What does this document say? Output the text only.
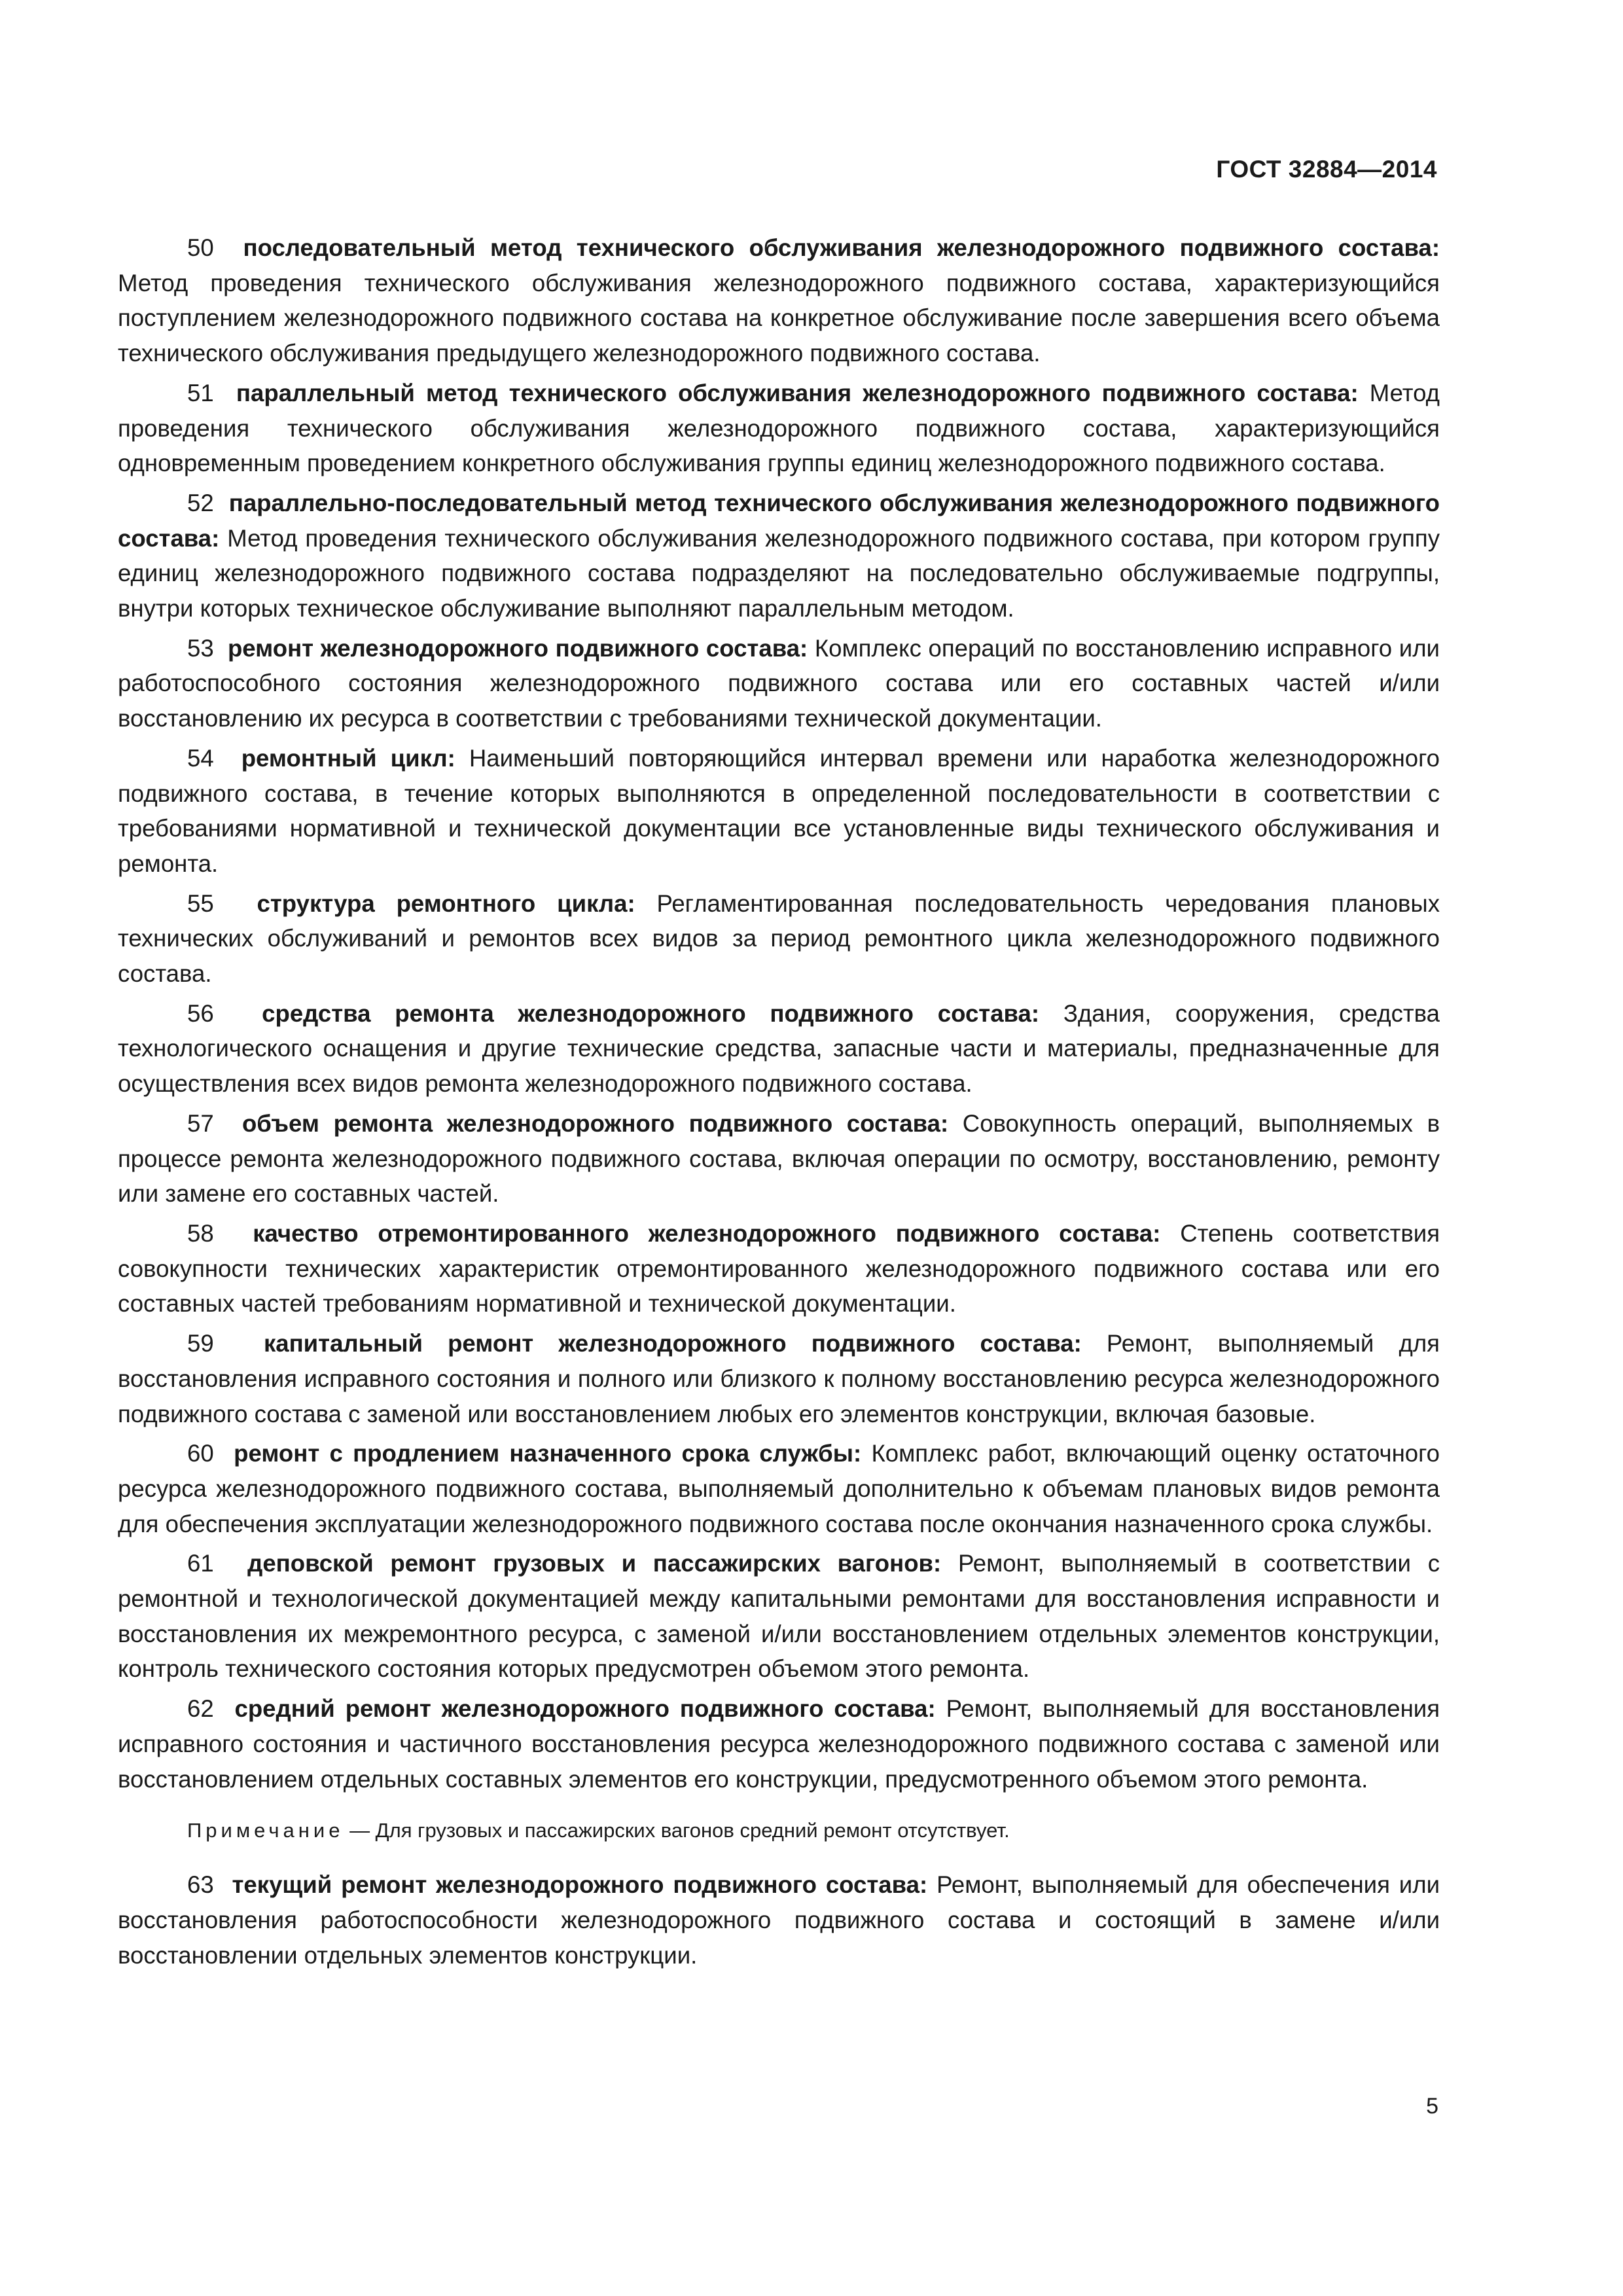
ГОСТ 32884—2014

50 последовательный метод технического обслуживания железнодорожного подвижного состава: Метод проведения технического обслуживания железнодорожного подвижного состава, характеризующийся поступлением железнодорожного подвижного состава на конкретное обслуживание после завершения всего объема технического обслуживания предыдущего железнодорожного подвижного состава.

51 параллельный метод технического обслуживания железнодорожного подвижного состава: Метод проведения технического обслуживания железнодорожного подвижного состава, характеризующийся одновременным проведением конкретного обслуживания группы единиц железнодорожного подвижного состава.

52 параллельно-последовательный метод технического обслуживания железнодорожного подвижного состава: Метод проведения технического обслуживания железнодорожного подвижного состава, при котором группу единиц железнодорожного подвижного состава подразделяют на последовательно обслуживаемые подгруппы, внутри которых техническое обслуживание выполняют параллельным методом.

53 ремонт железнодорожного подвижного состава: Комплекс операций по восстановлению исправного или работоспособного состояния железнодорожного подвижного состава или его составных частей и/или восстановлению их ресурса в соответствии с требованиями технической документации.

54 ремонтный цикл: Наименьший повторяющийся интервал времени или наработка железнодорожного подвижного состава, в течение которых выполняются в определенной последовательности в соответствии с требованиями нормативной и технической документации все установленные виды технического обслуживания и ремонта.

55 структура ремонтного цикла: Регламентированная последовательность чередования плановых технических обслуживаний и ремонтов всех видов за период ремонтного цикла железнодорожного подвижного состава.

56 средства ремонта железнодорожного подвижного состава: Здания, сооружения, средства технологического оснащения и другие технические средства, запасные части и материалы, предназначенные для осуществления всех видов ремонта железнодорожного подвижного состава.

57 объем ремонта железнодорожного подвижного состава: Совокупность операций, выполняемых в процессе ремонта железнодорожного подвижного состава, включая операции по осмотру, восстановлению, ремонту или замене его составных частей.

58 качество отремонтированного железнодорожного подвижного состава: Степень соответствия совокупности технических характеристик отремонтированного железнодорожного подвижного состава или его составных частей требованиям нормативной и технической документации.

59 капитальный ремонт железнодорожного подвижного состава: Ремонт, выполняемый для восстановления исправного состояния и полного или близкого к полному восстановлению ресурса железнодорожного подвижного состава с заменой или восстановлением любых его элементов конструкции, включая базовые.

60 ремонт с продлением назначенного срока службы: Комплекс работ, включающий оценку остаточного ресурса железнодорожного подвижного состава, выполняемый дополнительно к объемам плановых видов ремонта для обеспечения эксплуатации железнодорожного подвижного состава после окончания назначенного срока службы.

61 деповской ремонт грузовых и пассажирских вагонов: Ремонт, выполняемый в соответствии с ремонтной и технологической документацией между капитальными ремонтами для восстановления исправности и восстановления их межремонтного ресурса, с заменой и/или восстановлением отдельных элементов конструкции, контроль технического состояния которых предусмотрен объемом этого ремонта.

62 средний ремонт железнодорожного подвижного состава: Ремонт, выполняемый для восстановления исправного состояния и частичного восстановления ресурса железнодорожного подвижного состава с заменой или восстановлением отдельных составных элементов его конструкции, предусмотренного объемом этого ремонта.

Примечание — Для грузовых и пассажирских вагонов средний ремонт отсутствует.

63 текущий ремонт железнодорожного подвижного состава: Ремонт, выполняемый для обеспечения или восстановления работоспособности железнодорожного подвижного состава и состоящий в замене и/или восстановлении отдельных элементов конструкции.

5
